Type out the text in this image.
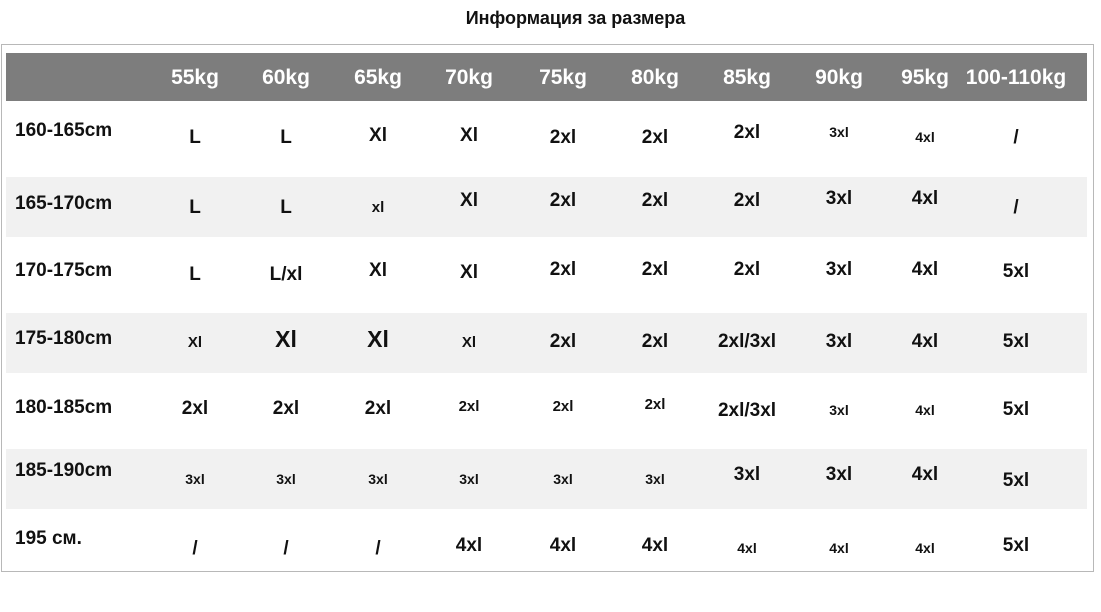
Информация за размера
55kg 60kg 65kg 70kg 75kg 80kg 85kg 90kg 95kg 100-110kg
160-165cm	L	L	Xl	Xl	2xl	2xl	2xl	3xl	4xl	/
165-170cm	L	L	xl	Xl	2xl	2xl	2xl	3xl	4xl	/
170-175cm	L	L/xl	Xl	Xl	2xl	2xl	2xl	3xl	4xl	5xl
175-180cm	Xl	Xl	Xl	Xl	2xl	2xl	2xl/3xl	3xl	4xl	5xl
180-185cm	2xl	2xl	2xl	2xl	2xl	2xl	2xl/3xl	3xl	4xl	5xl
185-190cm	3xl	3xl	3xl	3xl	3xl	3xl	3xl	3xl	4xl	5xl
195 см.	/	/	/	4xl	4xl	4xl	4xl	4xl	4xl	5xl
